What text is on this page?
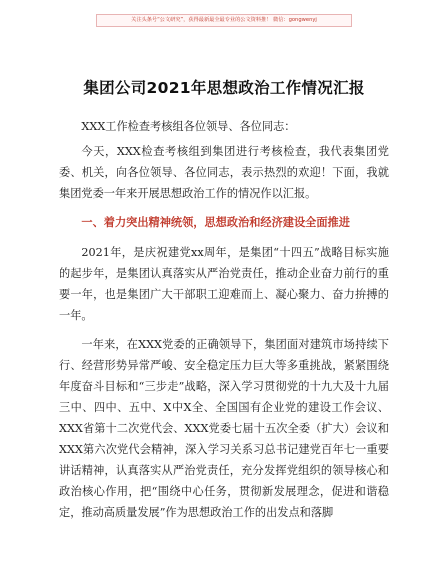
关注头条号“公文研究”，获得最新最全最专业的公文资料推！ 微信：gongwenyj
集团公司2021年思想政治工作情况汇报

XXX工作检查考核组各位领导、各位同志：

今天，XXX检查考核组到集团进行考核检查，我代表集团党委、机关，向各位领导、各位同志，表示热烈的欢迎！下面，我就集团党委一年来开展思想政治工作的情况作以汇报。

一、着力突出精神统领，思想政治和经济建设全面推进

2021年，是庆祝建党xx周年，是集团“十四五”战略目标实施的起步年，是集团认真落实从严治党责任，推动企业奋力前行的重要一年，也是集团广大干部职工迎难而上、凝心聚力、奋力拚搏的一年。

一年来，在XXX党委的正确领导下，集团面对建筑市场持续下行、经营形势异常严峻、安全稳定压力巨大等多重挑战，紧紧围绕年度奋斗目标和“三步走”战略，深入学习贯彻党的十九大及十九届三中、四中、五中、X中X全、全国国有企业党的建设工作会议、XXX省第十二次党代会、XXX党委七届十五次全委（扩大）会议和XXX第六次党代会精神，深入学习关系习总书记建党百年七一重要讲话精神，认真落实从严治党责任，充分发挥党组织的领导核心和政治核心作用，把“围绕中心任务，贯彻新发展理念，促进和谐稳定，推动高质量发展”作为思想政治工作的出发点和落脚
